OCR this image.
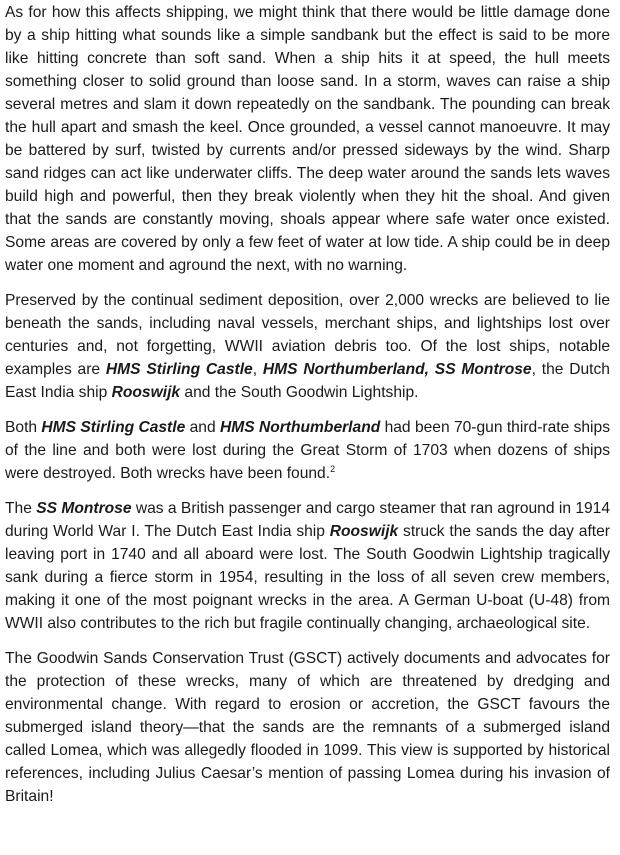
As for how this affects shipping, we might think that there would be little damage done by a ship hitting what sounds like a simple sandbank but the effect is said to be more like hitting concrete than soft sand. When a ship hits it at speed, the hull meets something closer to solid ground than loose sand. In a storm, waves can raise a ship several metres and slam it down repeatedly on the sandbank. The pounding can break the hull apart and smash the keel. Once grounded, a vessel cannot manoeuvre. It may be battered by surf, twisted by currents and/or pressed sideways by the wind. Sharp sand ridges can act like underwater cliffs. The deep water around the sands lets waves build high and powerful, then they break violently when they hit the shoal. And given that the sands are constantly moving, shoals appear where safe water once existed. Some areas are covered by only a few feet of water at low tide. A ship could be in deep water one moment and aground the next, with no warning.

Preserved by the continual sediment deposition, over 2,000 wrecks are believed to lie beneath the sands, including naval vessels, merchant ships, and lightships lost over centuries and, not forgetting, WWII aviation debris too. Of the lost ships, notable examples are HMS Stirling Castle, HMS Northumberland, SS Montrose, the Dutch East India ship Rooswijk and the South Goodwin Lightship.

Both HMS Stirling Castle and HMS Northumberland had been 70-gun third-rate ships of the line and both were lost during the Great Storm of 1703 when dozens of ships were destroyed. Both wrecks have been found.$^2$

The SS Montrose was a British passenger and cargo steamer that ran aground in 1914 during World War I. The Dutch East India ship Rooswijk struck the sands the day after leaving port in 1740 and all aboard were lost. The South Goodwin Lightship tragically sank during a fierce storm in 1954, resulting in the loss of all seven crew members, making it one of the most poignant wrecks in the area. A German U-boat (U-48) from WWII also contributes to the rich but fragile continually changing, archaeological site.

The Goodwin Sands Conservation Trust (GSCT) actively documents and advocates for the protection of these wrecks, many of which are threatened by dredging and environmental change. With regard to erosion or accretion, the GSCT favours the submerged island theory—that the sands are the remnants of a submerged island called Lomea, which was allegedly flooded in 1099. This view is supported by historical references, including Julius Caesar’s mention of passing Lomea during his invasion of Britain!
